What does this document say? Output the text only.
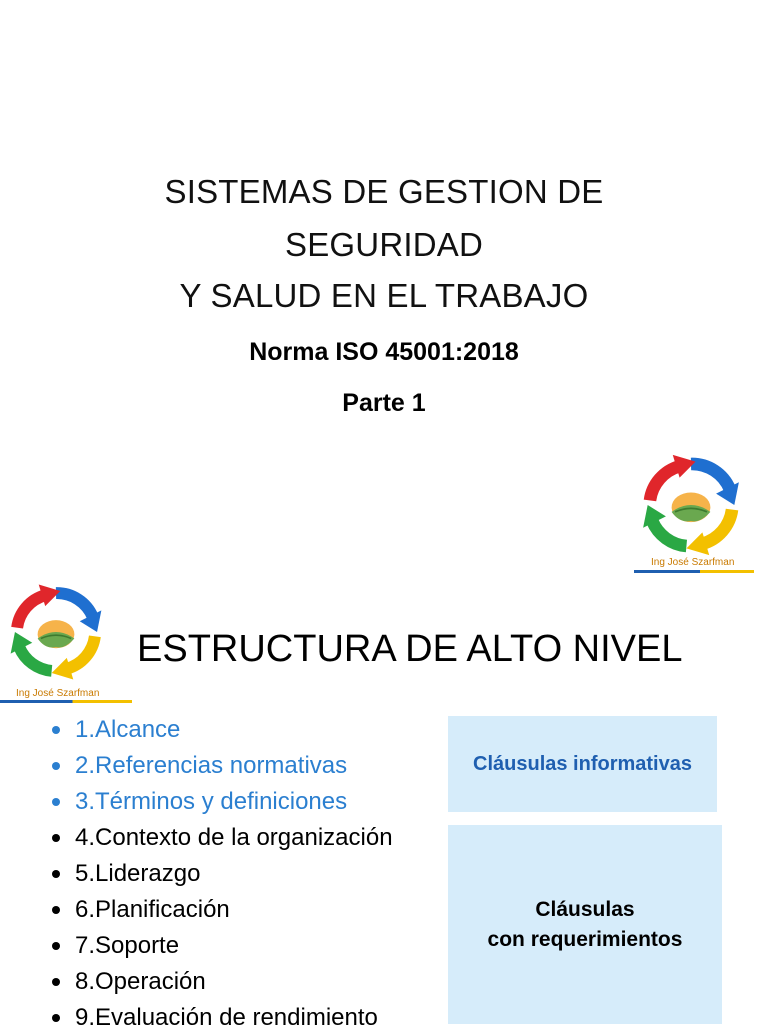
SISTEMAS DE GESTION DE
SEGURIDAD
Y SALUD EN EL TRABAJO
Norma ISO 45001:2018
Parte 1
Ing José Szarfman
Ing José Szarfman
ESTRUCTURA DE ALTO NIVEL
1.Alcance
2.Referencias normativas
3.Términos y definiciones
4.Contexto de la organización
5.Liderazgo
6.Planificación
7.Soporte
8.Operación
9.Evaluación de rendimiento
Cláusulas informativas
Cláusulas
con requerimientos
